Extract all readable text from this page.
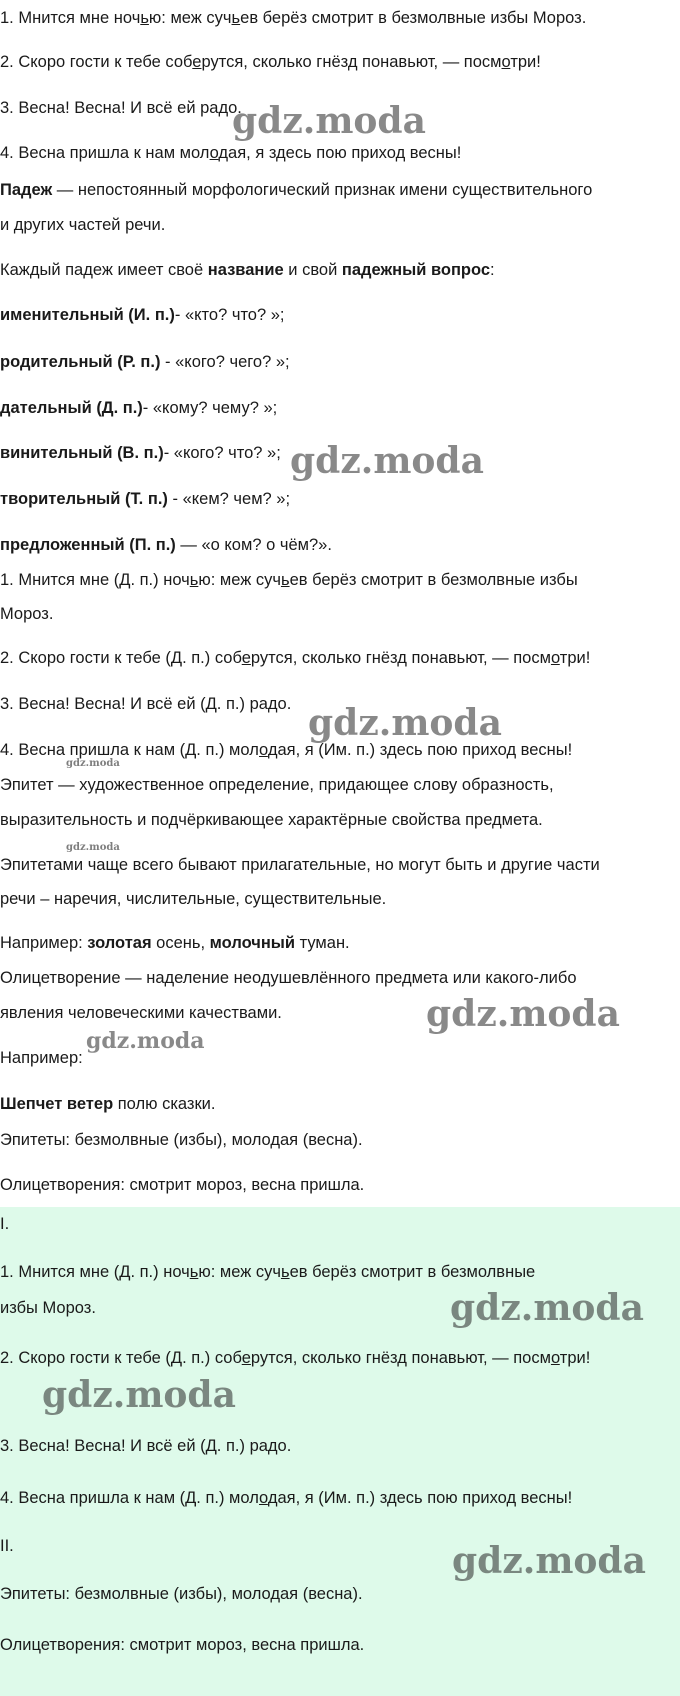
1. Мнится мне ночью: меж сучьев берёз смотрит в безмолвные избы Мороз.

2. Скоро гости к тебе соберутся, сколько гнёзд понавьют, — посмотри!

3. Весна! Весна! И всё ей радо.

4. Весна пришла к нам молодая, я здесь пою приход весны!

Падеж — непостоянный морфологический признак имени существительного

и других частей речи.

Каждый падеж имеет своё название и свой падежный вопрос:

именительный (И. п.)- «кто? что? »;

родительный (Р. п.) - «кого? чего? »;

дательный (Д. п.)- «кому? чему? »;

винительный (В. п.)- «кого? что? »;

творительный (Т. п.) - «кем? чем? »;

предложенный (П. п.) — «о ком? о чём?».

1. Мнится мне (Д. п.) ночью: меж сучьев берёз смотрит в безмолвные избы

Мороз.

2. Скоро гости к тебе (Д. п.) соберутся, сколько гнёзд понавьют, — посмотри!

3. Весна! Весна! И всё ей (Д. п.) радо.

4. Весна пришла к нам (Д. п.) молодая, я (Им. п.) здесь пою приход весны!

Эпитет — художественное определение, придающее слову образность,

выразительность и подчёркивающее характёрные свойства предмета.

Эпитетами чаще всего бывают прилагательные, но могут быть и другие части

речи – наречия, числительные, существительные.

Например: золотая осень, молочный туман.

Олицетворение — наделение неодушевлённого предмета или какого-либо

явления человеческими качествами.

Например:

Шепчет ветер полю сказки.

Эпитеты: безмолвные (избы), молодая (весна).

Олицетворения: смотрит мороз, весна пришла.

I.

1. Мнится мне (Д. п.) ночью: меж сучьев берёз смотрит в безмолвные

избы Мороз.

2. Скоро гости к тебе (Д. п.) соберутся, сколько гнёзд понавьют, — посмотри!

3. Весна! Весна! И всё ей (Д. п.) радо.

4. Весна пришла к нам (Д. п.) молодая, я (Им. п.) здесь пою приход весны!

II.

Эпитеты: безмолвные (избы), молодая (весна).

Олицетворения: смотрит мороз, весна пришла.

gdz.moda
gdz.moda
gdz.moda
gdz.moda
gdz.moda
gdz.moda
gdz.moda
gdz.moda
gdz.moda
gdz.moda
